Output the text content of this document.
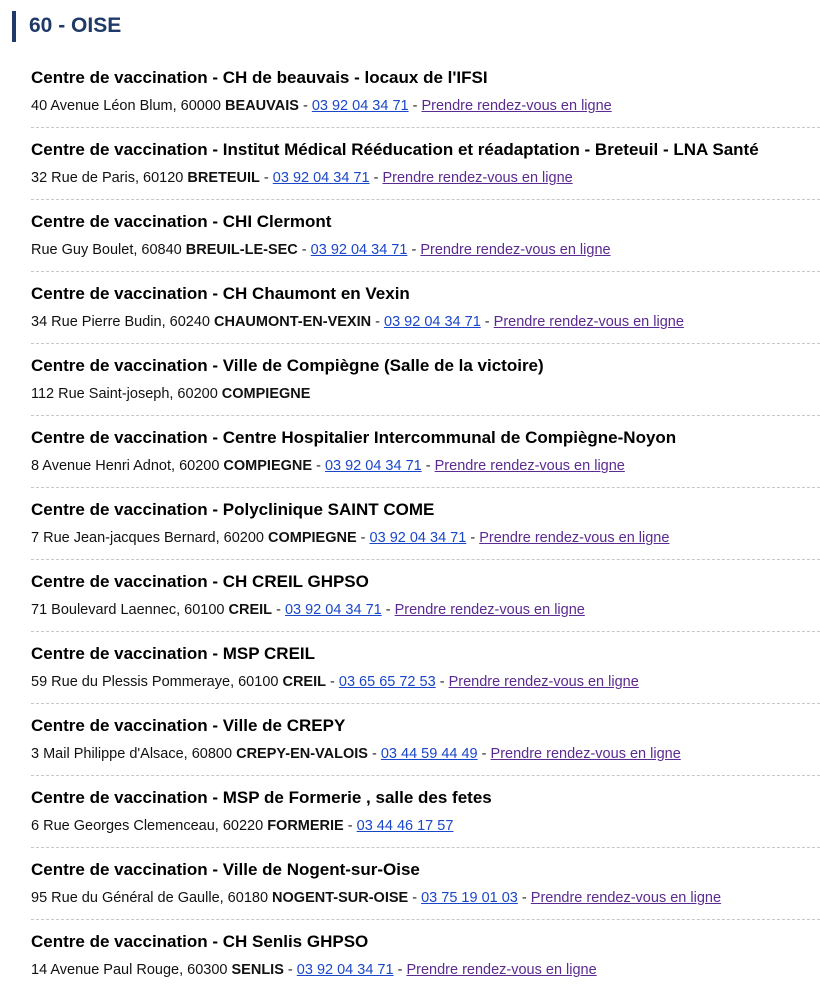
60 - OISE
Centre de vaccination - CH de beauvais - locaux de l'IFSI
40 Avenue Léon Blum, 60000 BEAUVAIS - 03 92 04 34 71 - Prendre rendez-vous en ligne
Centre de vaccination - Institut Médical Rééducation et réadaptation - Breteuil - LNA Santé
32 Rue de Paris, 60120 BRETEUIL - 03 92 04 34 71 - Prendre rendez-vous en ligne
Centre de vaccination - CHI Clermont
Rue Guy Boulet, 60840 BREUIL-LE-SEC - 03 92 04 34 71 - Prendre rendez-vous en ligne
Centre de vaccination - CH Chaumont en Vexin
34 Rue Pierre Budin, 60240 CHAUMONT-EN-VEXIN - 03 92 04 34 71 - Prendre rendez-vous en ligne
Centre de vaccination - Ville de Compiègne (Salle de la victoire)
112 Rue Saint-joseph, 60200 COMPIEGNE
Centre de vaccination - Centre Hospitalier Intercommunal de Compiègne-Noyon
8 Avenue Henri Adnot, 60200 COMPIEGNE - 03 92 04 34 71 - Prendre rendez-vous en ligne
Centre de vaccination - Polyclinique SAINT COME
7 Rue Jean-jacques Bernard, 60200 COMPIEGNE - 03 92 04 34 71 - Prendre rendez-vous en ligne
Centre de vaccination - CH CREIL GHPSO
71 Boulevard Laennec, 60100 CREIL - 03 92 04 34 71 - Prendre rendez-vous en ligne
Centre de vaccination - MSP CREIL
59 Rue du Plessis Pommeraye, 60100 CREIL - 03 65 65 72 53 - Prendre rendez-vous en ligne
Centre de vaccination - Ville de CREPY
3 Mail Philippe d'Alsace, 60800 CREPY-EN-VALOIS - 03 44 59 44 49 - Prendre rendez-vous en ligne
Centre de vaccination - MSP de Formerie , salle des fetes
6 Rue Georges Clemenceau, 60220 FORMERIE - 03 44 46 17 57
Centre de vaccination - Ville de Nogent-sur-Oise
95 Rue du Général de Gaulle, 60180 NOGENT-SUR-OISE - 03 75 19 01 03 - Prendre rendez-vous en ligne
Centre de vaccination - CH Senlis GHPSO
14 Avenue Paul Rouge, 60300 SENLIS - 03 92 04 34 71 - Prendre rendez-vous en ligne
